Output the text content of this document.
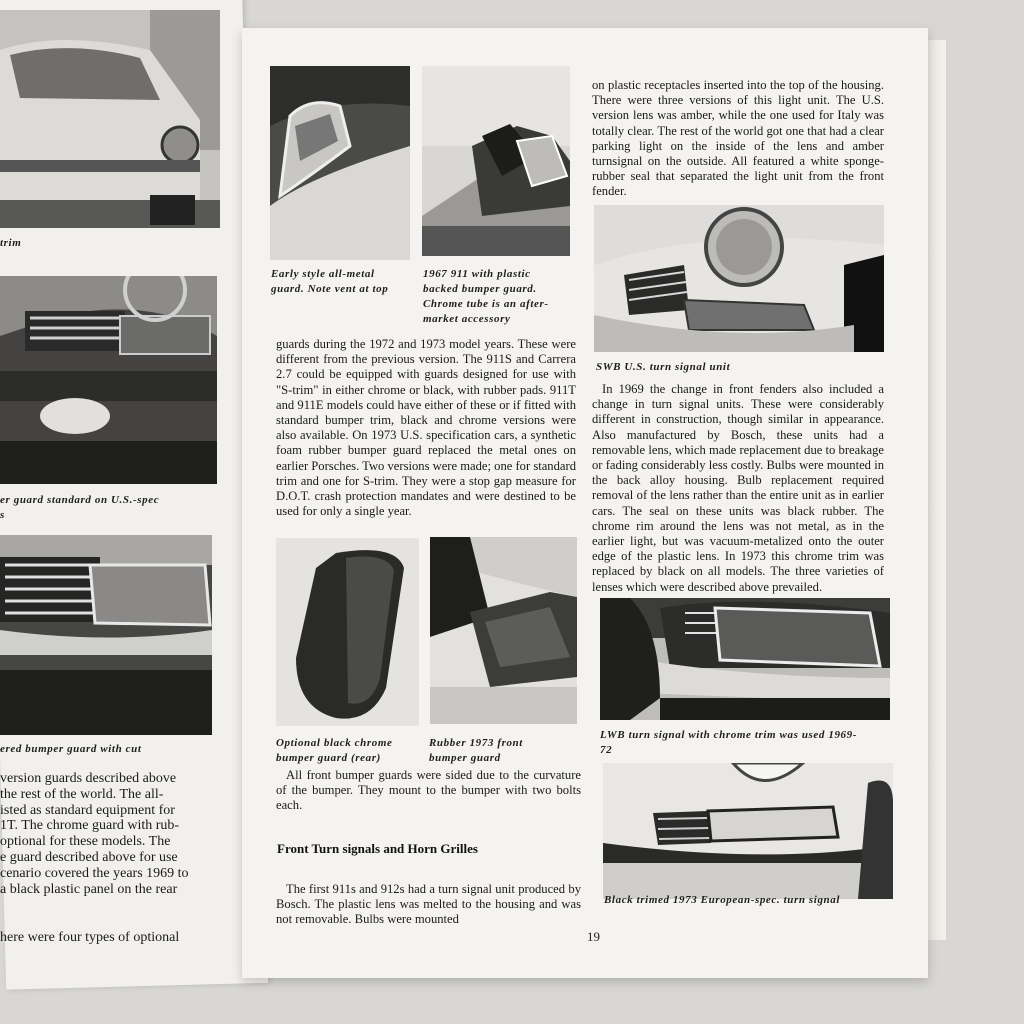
trim
er guard standard on U.S.-spec
s
ered bumper guard with cut
version guards described above
the rest of the world. The all-
isted as standard equipment for
1T. The chrome guard with rub-
optional for these models. The
e guard described above for use
cenario covered the years 1969 to
a black plastic panel on the rear
here were four types of optional
Early style all-metal
guard. Note vent at top
1967 911 with plastic
backed bumper guard.
Chrome tube is an after-
market accessory
guards during the 1972 and 1973 model years. These were different from the previous version. The 911S and Carrera 2.7 could be equipped with guards designed for use with "S-trim" in either chrome or black, with rubber pads. 911T and 911E models could have either of these or if fitted with standard bumper trim, black and chrome versions were also available. On 1973 U.S. specification cars, a synthetic foam rubber bumper guard replaced the metal ones on earlier Porsches. Two versions were made; one for standard trim and one for S-trim. They were a stop gap measure for D.O.T. crash protection mandates and were destined to be used for only a single year.
Optional black chrome
bumper guard (rear)
Rubber 1973 front
bumper guard
All front bumper guards were sided due to the curvature of the bumper. They mount to the bumper with two bolts each.
Front Turn signals and Horn Grilles
The first 911s and 912s had a turn signal unit produced by Bosch. The plastic lens was melted to the housing and was not removable. Bulbs were mounted
19
on plastic receptacles inserted into the top of the housing. There were three versions of this light unit. The U.S. version lens was amber, while the one used for Italy was totally clear. The rest of the world got one that had a clear parking light on the inside of the lens and amber turnsignal on the outside. All featured a white sponge-rubber seal that separated the light unit from the front fender.
SWB U.S. turn signal unit
In 1969 the change in front fenders also included a change in turn signal units. These were considerably different in construction, though similar in appearance. Also manufactured by Bosch, these units had a removable lens, which made replacement due to breakage or fading considerably less costly. Bulbs were mounted in the back alloy housing. Bulb replacement required removal of the lens rather than the entire unit as in earlier cars. The seal on these units was black rubber. The chrome rim around the lens was not metal, as in the earlier light, but was vacuum-metalized onto the outer edge of the plastic lens. In 1973 this chrome trim was replaced by black on all models. The three varieties of lenses which were described above prevailed.
LWB turn signal with chrome trim was used 1969-
72
Black trimed 1973 European-spec. turn signal
